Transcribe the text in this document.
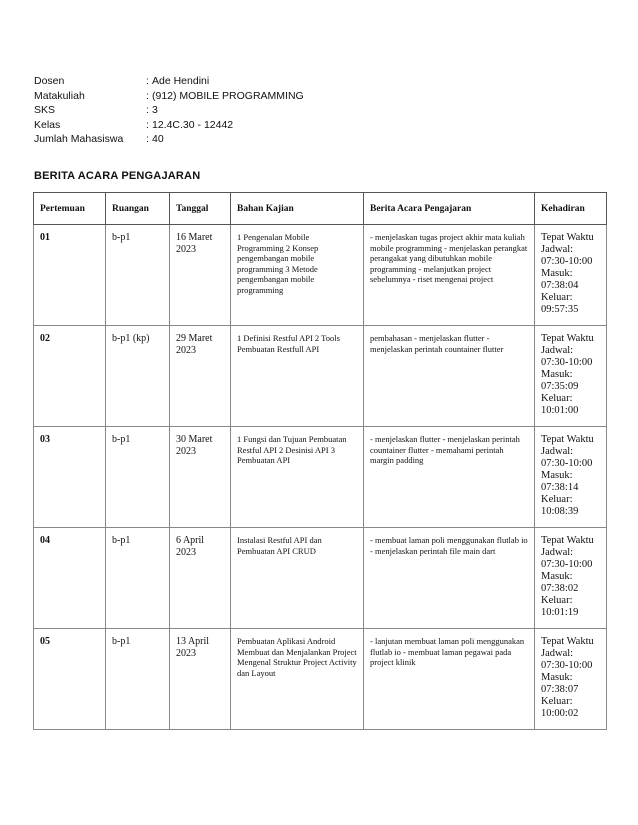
Dosen	: Ade Hendini
Matakuliah	: (912) MOBILE PROGRAMMING
SKS	: 3
Kelas	: 12.4C.30 - 12442
Jumlah Mahasiswa	: 40
BERITA ACARA PENGAJARAN
Pertemuan	Ruangan	Tanggal	Bahan Kajian	Berita Acara Pengajaran	Kehadiran
01	b-p1	16 Maret 2023	1 Pengenalan Mobile Programming 2 Konsep pengembangan mobile programming 3 Metode pengembangan mobile programming	- menjelaskan tugas project akhir mata kuliah mobile programming - menjelaskan perangkat perangakat yang dibutuhkan mobile programming - melanjutkan project sebelumnya - riset mengenai project	Tepat Waktu
Jadwal: 07:30-10:00
Masuk: 07:38:04
Keluar: 09:57:35

02	b-p1 (kp)	29 Maret 2023	1 Definisi Restful API 2 Tools Pembuatan Restfull API	pembahasan - menjelaskan flutter - menjelaskan perintah countainer flutter	Tepat Waktu
Jadwal: 07:30-10:00
Masuk: 07:35:09
Keluar: 10:01:00

03	b-p1	30 Maret 2023	1 Fungsi dan Tujuan Pembuatan Restful API 2 Desinisi API 3 Pembuatan API	- menjelaskan flutter - menjelaskan perintah countainer flutter - memahami perintah margin padding	Tepat Waktu
Jadwal: 07:30-10:00
Masuk: 07:38:14
Keluar: 10:08:39

04	b-p1	6 April 2023	Instalasi Restful API dan Pembuatan API CRUD	- membuat laman poli menggunakan flutlab io - menjelaskan perintah file main dart	Tepat Waktu
Jadwal: 07:30-10:00
Masuk: 07:38:02
Keluar: 10:01:19

05	b-p1	13 April 2023	Pembuatan Aplikasi Android Membuat dan Menjalankan Project Mengenal Struktur Project Activity dan Layout	- lanjutan membuat laman poli menggunakan flutlab io - membuat laman pegawai pada project klinik	Tepat Waktu
Jadwal: 07:30-10:00
Masuk: 07:38:07
Keluar: 10:00:02
